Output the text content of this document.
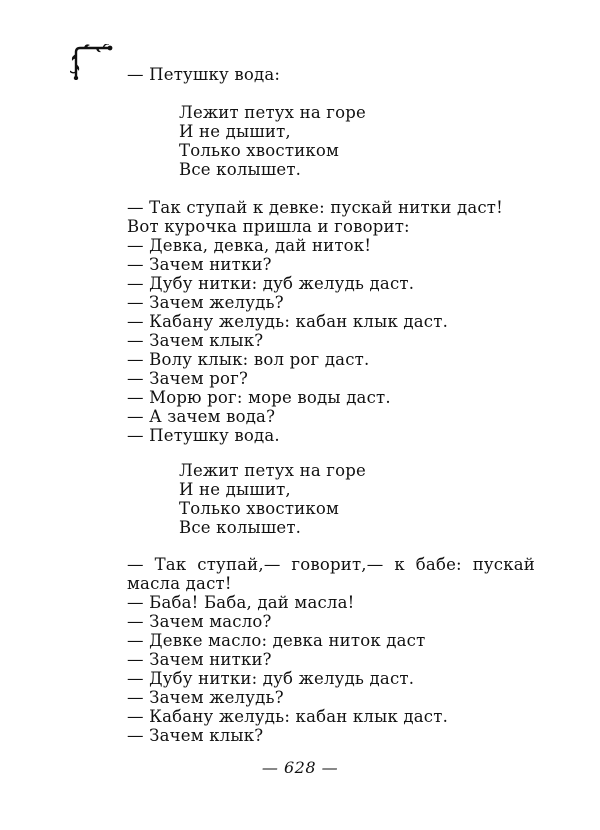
— Петушку вода:
Лежит петух на горе
И не дышит,
Только хвостиком
Все колышет.
— Так ступай к девке: пускай нитки даст!
Вот курочка пришла и говорит:
— Девка, девка, дай ниток!
— Зачем нитки?
— Дубу нитки: дуб желудь даст.
— Зачем желудь?
— Кабану желудь: кабан клык даст.
— Зачем клык?
— Волу клык: вол рог даст.
— Зачем рог?
— Морю рог: море воды даст.
— А зачем вода?
— Петушку вода.
Лежит петух на горе
И не дышит,
Только хвостиком
Все колышет.
— Так ступай,— говорит,— к бабе: пускай
масла даст!
— Баба! Баба, дай масла!
— Зачем масло?
— Девке масло: девка ниток даст
— Зачем нитки?
— Дубу нитки: дуб желудь даст.
— Зачем желудь?
— Кабану желудь: кабан клык даст.
— Зачем клык?
— 628 —
